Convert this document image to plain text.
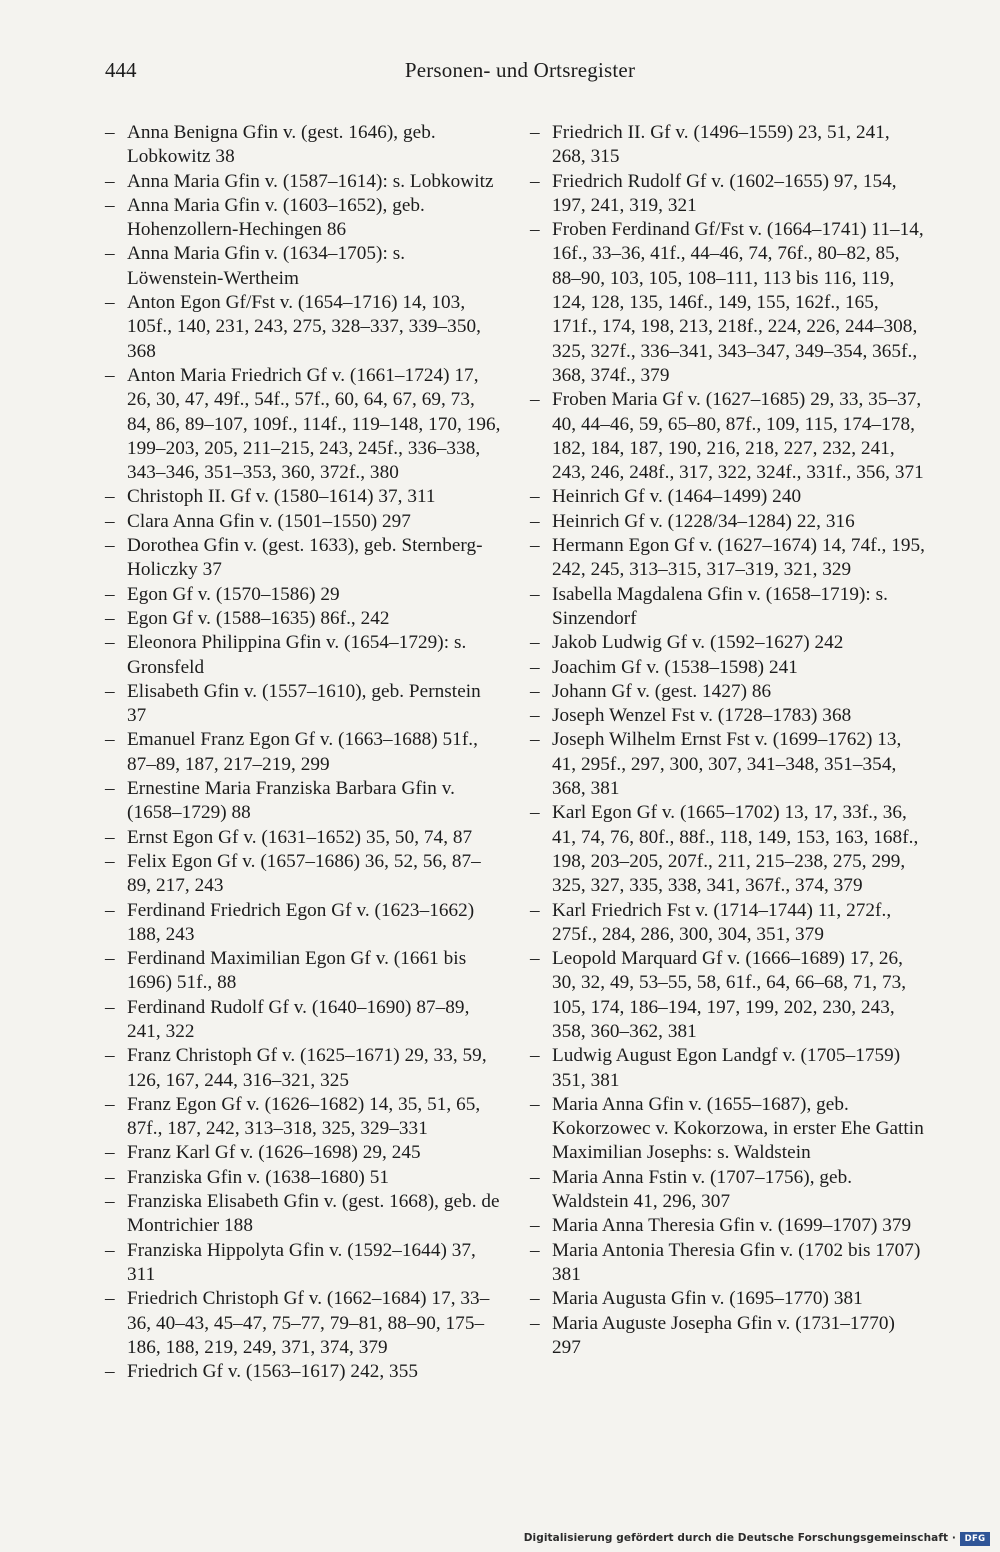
444	Personen- und Ortsregister
– Anna Benigna Gfin v. (gest. 1646), geb. Lobkowitz 38
– Anna Maria Gfin v. (1587–1614): s. Lobkowitz
– Anna Maria Gfin v. (1603–1652), geb. Hohenzollern-Hechingen 86
– Anna Maria Gfin v. (1634–1705): s. Löwenstein-Wertheim
– Anton Egon Gf/Fst v. (1654–1716) 14, 103, 105f., 140, 231, 243, 275, 328–337, 339–350, 368
– Anton Maria Friedrich Gf v. (1661–1724) 17, 26, 30, 47, 49f., 54f., 57f., 60, 64, 67, 69, 73, 84, 86, 89–107, 109f., 114f., 119–148, 170, 196, 199–203, 205, 211–215, 243, 245f., 336–338, 343–346, 351–353, 360, 372f., 380
– Christoph II. Gf v. (1580–1614) 37, 311
– Clara Anna Gfin v. (1501–1550) 297
– Dorothea Gfin v. (gest. 1633), geb. Sternberg-Holiczky 37
– Egon Gf v. (1570–1586) 29
– Egon Gf v. (1588–1635) 86f., 242
– Eleonora Philippina Gfin v. (1654–1729): s. Gronsfeld
– Elisabeth Gfin v. (1557–1610), geb. Pernstein 37
– Emanuel Franz Egon Gf v. (1663–1688) 51f., 87–89, 187, 217–219, 299
– Ernestine Maria Franziska Barbara Gfin v. (1658–1729) 88
– Ernst Egon Gf v. (1631–1652) 35, 50, 74, 87
– Felix Egon Gf v. (1657–1686) 36, 52, 56, 87–89, 217, 243
– Ferdinand Friedrich Egon Gf v. (1623–1662) 188, 243
– Ferdinand Maximilian Egon Gf v. (1661 bis 1696) 51f., 88
– Ferdinand Rudolf Gf v. (1640–1690) 87–89, 241, 322
– Franz Christoph Gf v. (1625–1671) 29, 33, 59, 126, 167, 244, 316–321, 325
– Franz Egon Gf v. (1626–1682) 14, 35, 51, 65, 87f., 187, 242, 313–318, 325, 329–331
– Franz Karl Gf v. (1626–1698) 29, 245
– Franziska Gfin v. (1638–1680) 51
– Franziska Elisabeth Gfin v. (gest. 1668), geb. de Montrichier 188
– Franziska Hippolyta Gfin v. (1592–1644) 37, 311
– Friedrich Christoph Gf v. (1662–1684) 17, 33–36, 40–43, 45–47, 75–77, 79–81, 88–90, 175–186, 188, 219, 249, 371, 374, 379
– Friedrich Gf v. (1563–1617) 242, 355
– Friedrich II. Gf v. (1496–1559) 23, 51, 241, 268, 315
– Friedrich Rudolf Gf v. (1602–1655) 97, 154, 197, 241, 319, 321
– Froben Ferdinand Gf/Fst v. (1664–1741) 11–14, 16f., 33–36, 41f., 44–46, 74, 76f., 80–82, 85, 88–90, 103, 105, 108–111, 113 bis 116, 119, 124, 128, 135, 146f., 149, 155, 162f., 165, 171f., 174, 198, 213, 218f., 224, 226, 244–308, 325, 327f., 336–341, 343–347, 349–354, 365f., 368, 374f., 379
– Froben Maria Gf v. (1627–1685) 29, 33, 35–37, 40, 44–46, 59, 65–80, 87f., 109, 115, 174–178, 182, 184, 187, 190, 216, 218, 227, 232, 241, 243, 246, 248f., 317, 322, 324f., 331f., 356, 371
– Heinrich Gf v. (1464–1499) 240
– Heinrich Gf v. (1228/34–1284) 22, 316
– Hermann Egon Gf v. (1627–1674) 14, 74f., 195, 242, 245, 313–315, 317–319, 321, 329
– Isabella Magdalena Gfin v. (1658–1719): s. Sinzendorf
– Jakob Ludwig Gf v. (1592–1627) 242
– Joachim Gf v. (1538–1598) 241
– Johann Gf v. (gest. 1427) 86
– Joseph Wenzel Fst v. (1728–1783) 368
– Joseph Wilhelm Ernst Fst v. (1699–1762) 13, 41, 295f., 297, 300, 307, 341–348, 351–354, 368, 381
– Karl Egon Gf v. (1665–1702) 13, 17, 33f., 36, 41, 74, 76, 80f., 88f., 118, 149, 153, 163, 168f., 198, 203–205, 207f., 211, 215–238, 275, 299, 325, 327, 335, 338, 341, 367f., 374, 379
– Karl Friedrich Fst v. (1714–1744) 11, 272f., 275f., 284, 286, 300, 304, 351, 379
– Leopold Marquard Gf v. (1666–1689) 17, 26, 30, 32, 49, 53–55, 58, 61f., 64, 66–68, 71, 73, 105, 174, 186–194, 197, 199, 202, 230, 243, 358, 360–362, 381
– Ludwig August Egon Landgf v. (1705–1759) 351, 381
– Maria Anna Gfin v. (1655–1687), geb. Kokorzowec v. Kokorzowa, in erster Ehe Gattin Maximilian Josephs: s. Waldstein
– Maria Anna Fstin v. (1707–1756), geb. Waldstein 41, 296, 307
– Maria Anna Theresia Gfin v. (1699–1707) 379
– Maria Antonia Theresia Gfin v. (1702 bis 1707) 381
– Maria Augusta Gfin v. (1695–1770) 381
– Maria Auguste Josepha Gfin v. (1731–1770) 297
Digitalisierung gefördert durch die Deutsche Forschungsgemeinschaft ·	DFG
